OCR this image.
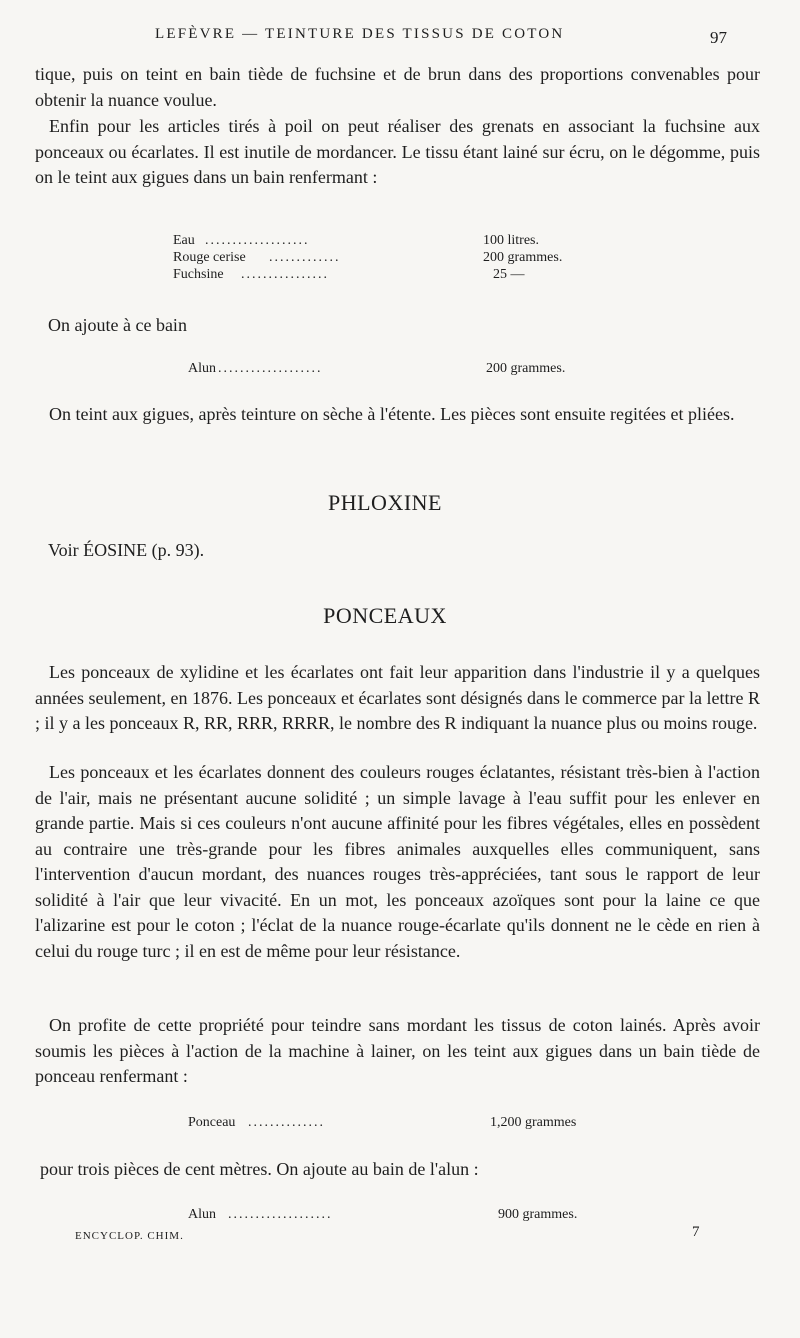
LEFÈVRE — TEINTURE DES TISSUS DE COTON	97

tique, puis on teint en bain tiède de fuchsine et de brun dans des proportions convenables pour obtenir la nuance voulue.

Enfin pour les articles tirés à poil on peut réaliser des grenats en associant la fuchsine aux ponceaux ou écarlates. Il est inutile de mordancer. Le tissu étant lainé sur écru, on le dégomme, puis on le teint aux gigues dans un bain renfermant :

Eau ...................	100 litres.
Rouge cerise .............	200 grammes.
Fuchsine ................	25 —

On ajoute à ce bain

Alun ...................	200 grammes.

On teint aux gigues, après teinture on sèche à l'étente. Les pièces sont ensuite regitées et pliées.

PHLOXINE

Voir ÉOSINE (p. 93).

PONCEAUX

Les ponceaux de xylidine et les écarlates ont fait leur apparition dans l'industrie il y a quelques années seulement, en 1876. Les ponceaux et écarlates sont désignés dans le commerce par la lettre R ; il y a les ponceaux R, RR, RRR, RRRR, le nombre des R indiquant la nuance plus ou moins rouge.

Les ponceaux et les écarlates donnent des couleurs rouges éclatantes, résistant très-bien à l'action de l'air, mais ne présentant aucune solidité ; un simple lavage à l'eau suffit pour les enlever en grande partie. Mais si ces couleurs n'ont aucune affinité pour les fibres végétales, elles en possèdent au contraire une très-grande pour les fibres animales auxquelles elles communiquent, sans l'intervention d'aucun mordant, des nuances rouges très-appréciées, tant sous le rapport de leur solidité à l'air que leur vivacité. En un mot, les ponceaux azoïques sont pour la laine ce que l'alizarine est pour le coton ; l'éclat de la nuance rouge-écarlate qu'ils donnent ne le cède en rien à celui du rouge turc ; il en est de même pour leur résistance.

On profite de cette propriété pour teindre sans mordant les tissus de coton lainés. Après avoir soumis les pièces à l'action de la machine à lainer, on les teint aux gigues dans un bain tiède de ponceau renfermant :

Ponceau ..............	1,200 grammes

pour trois pièces de cent mètres. On ajoute au bain de l'alun :

Alun ...................	900 grammes.
ENCYCLOP. CHIM.	7
